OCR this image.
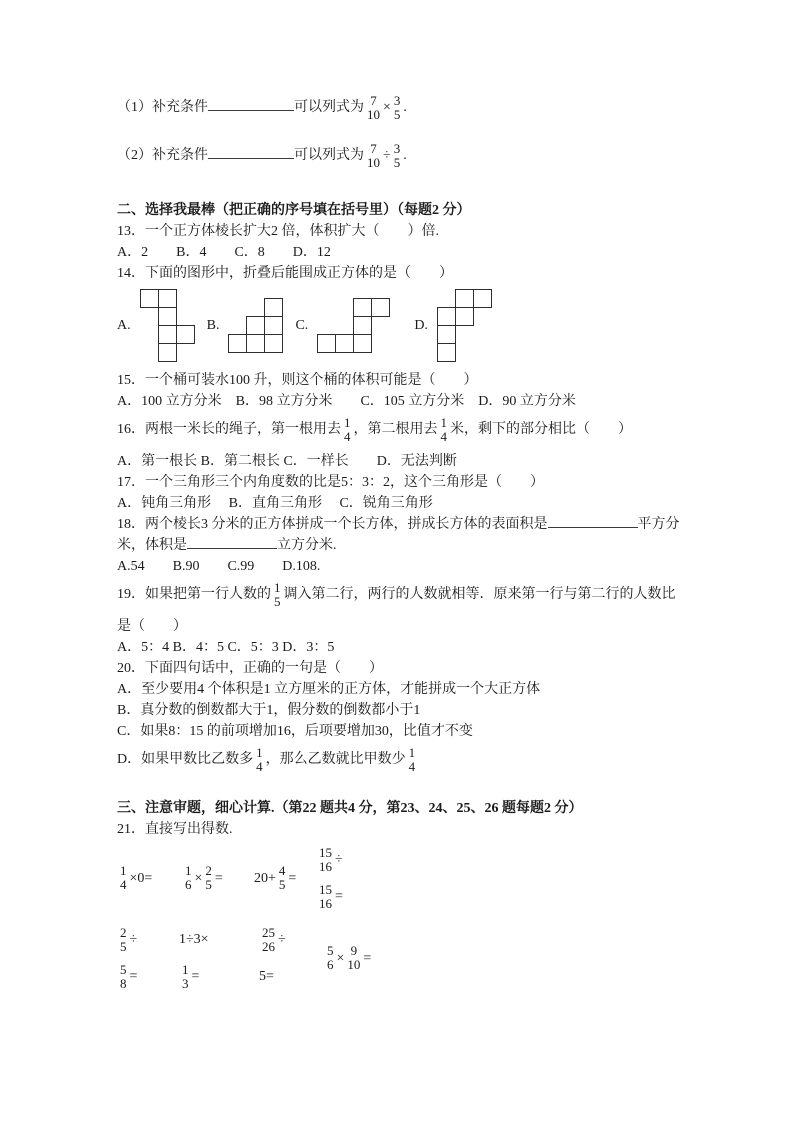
（1）补充条件	可以列式为 7
10 × 3
5 .
（2）补充条件	可以列式为 7
10 ÷ 3
5 .
二、选择我最棒（把正确的序号填在括号里）（每题2 分）
13．一个正方体棱长扩大2 倍，体积扩大（　　）倍.
A．2　　B．4　　C．8　　D．12
14．下面的图形中，折叠后能围成正方体的是（　　）
A.	B.	C.	D.
15．一个桶可装水100 升，则这个桶的体积可能是（　　）
A．100 立方分米　B．98 立方分米　　C．105 立方分米　D．90 立方分米
16．两根一米长的绳子，第一根用去 1
4 ，第二根用去 1
4 米，剩下的部分相比（　　）
A．第一根长 B．第二根长 C．一样长　　D．无法判断
17．一个三角形三个内角度数的比是5：3：2，这个三角形是（　　）
A．钝角三角形　 B．直角三角形　 C．锐角三角形
18．两个棱长3 分米的正方体拼成一个长方体，拼成长方体的表面积是	平方分
米，体积是	立方分米.
A.54　　B.90　　C.99　　D.108.
19．如果把第一行人数的 1
5 调入第二行，两行的人数就相等．原来第一行与第二行的人数比
是（　　）
A．5：4 B．4：5 C．5：3 D．3：5
20．下面四句话中，正确的一句是（　　）
A．至少要用4 个体积是1 立方厘米的正方体，才能拼成一个大正方体
B．真分数的倒数都大于1，假分数的倒数都小于1
C．如果8：15 的前项增加16，后项要增加30，比值才不变
D．如果甲数比乙数多 1
4 ，那么乙数就比甲数少 1
4
三、注意审题，细心计算.（第22 题共4 分，第23、24、25、26 题每题2 分）
21．直接写出得数.
1
4 ×0=	1
6 × 2
5 = 20+ 4
5 =
15
16 ÷
15
16 =
2
5 ÷
5
8 =
1÷3×
1
3 =
25
26 ÷
5=
5
6 × 9
10 =
